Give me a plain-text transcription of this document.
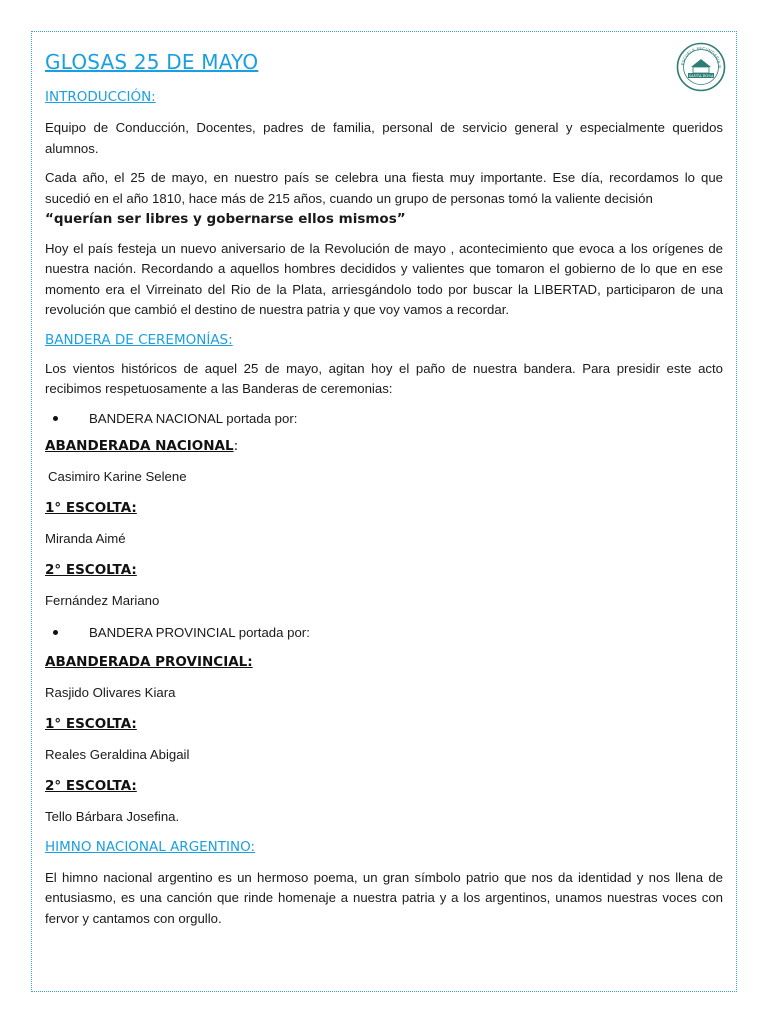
ESCUELA SECUNDARIA N
SANTA ROSA
GLOSAS 25 DE MAYO

INTRODUCCIÓN:

Equipo de Conducción, Docentes, padres de familia, personal de servicio general y especialmente queridos alumnos.

Cada año, el 25 de mayo, en nuestro país se celebra una fiesta muy importante. Ese día, recordamos lo que sucedió en el año 1810, hace más de 215 años, cuando un grupo de personas tomó la valiente decisión
“querían ser libres y gobernarse ellos mismos”

Hoy el país festeja un nuevo aniversario de la Revolución de mayo , acontecimiento que evoca a los orígenes de nuestra nación. Recordando a aquellos hombres decididos y valientes que tomaron el gobierno de lo que en ese momento era el Virreinato del Rio de la Plata, arriesgándolo todo por buscar la LIBERTAD, participaron de una revolución que cambió el destino de nuestra patria y que voy vamos a recordar.

BANDERA DE CEREMONÍAS:

Los vientos históricos de aquel 25 de mayo, agitan hoy el paño de nuestra bandera. Para presidir este acto recibimos respetuosamente a las Banderas de ceremonias:

BANDERA NACIONAL portada por:

ABANDERADA NACIONAL:

Casimiro Karine Selene

1° ESCOLTA:

Miranda Aimé

2° ESCOLTA:

Fernández Mariano

BANDERA PROVINCIAL portada por:

ABANDERADA PROVINCIAL:

Rasjido Olivares Kiara

1° ESCOLTA:

Reales Geraldina Abigail

2° ESCOLTA:

Tello Bárbara Josefina.

HIMNO NACIONAL ARGENTINO:

El himno nacional argentino es un hermoso poema, un gran símbolo patrio que nos da identidad y nos llena de entusiasmo, es una canción que rinde homenaje a nuestra patria y a los argentinos, unamos nuestras voces con fervor y cantamos con orgullo.
